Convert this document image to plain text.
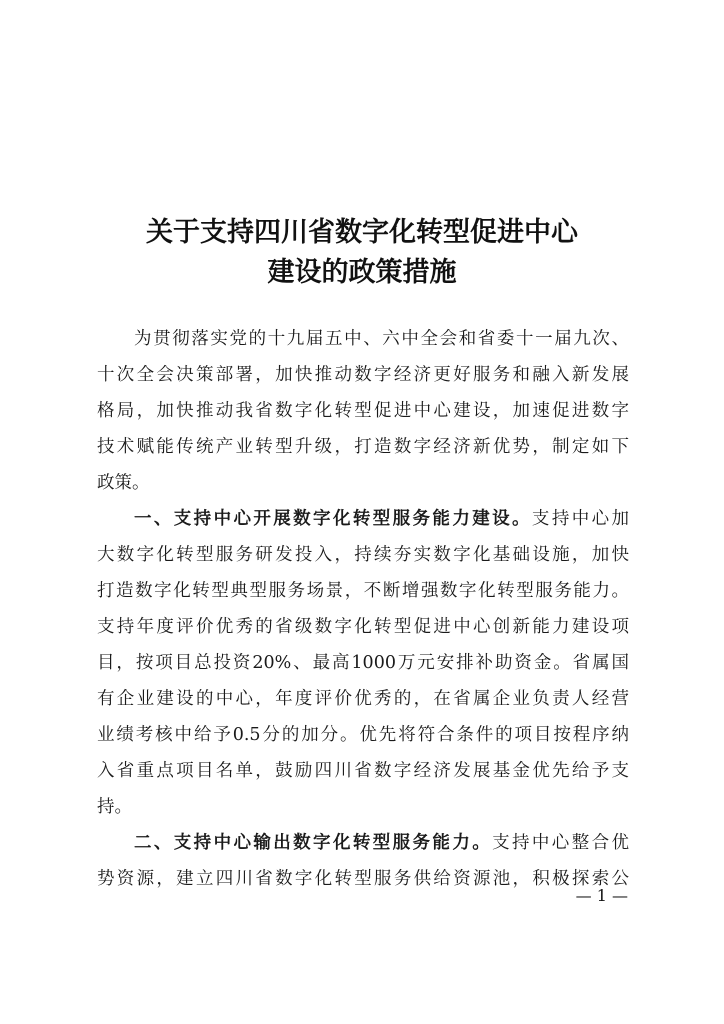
关于支持四川省数字化转型促进中心
建设的政策措施
为贯彻落实党的十九届五中、六中全会和省委十一届九次、
十次全会决策部署，加快推动数字经济更好服务和融入新发展
格局，加快推动我省数字化转型促进中心建设，加速促进数字
技术赋能传统产业转型升级，打造数字经济新优势，制定如下
政策。
一、支持中心开展数字化转型服务能力建设。支持中心加
大数字化转型服务研发投入，持续夯实数字化基础设施，加快
打造数字化转型典型服务场景，不断增强数字化转型服务能力。
支持年度评价优秀的省级数字化转型促进中心创新能力建设项
目，按项目总投资20%、最高1000万元安排补助资金。省属国
有企业建设的中心，年度评价优秀的，在省属企业负责人经营
业绩考核中给予0.5分的加分。优先将符合条件的项目按程序纳
入省重点项目名单，鼓励四川省数字经济发展基金优先给予支
持。
二、支持中心输出数字化转型服务能力。支持中心整合优
势资源，建立四川省数字化转型服务供给资源池，积极探索公
— 1 —
